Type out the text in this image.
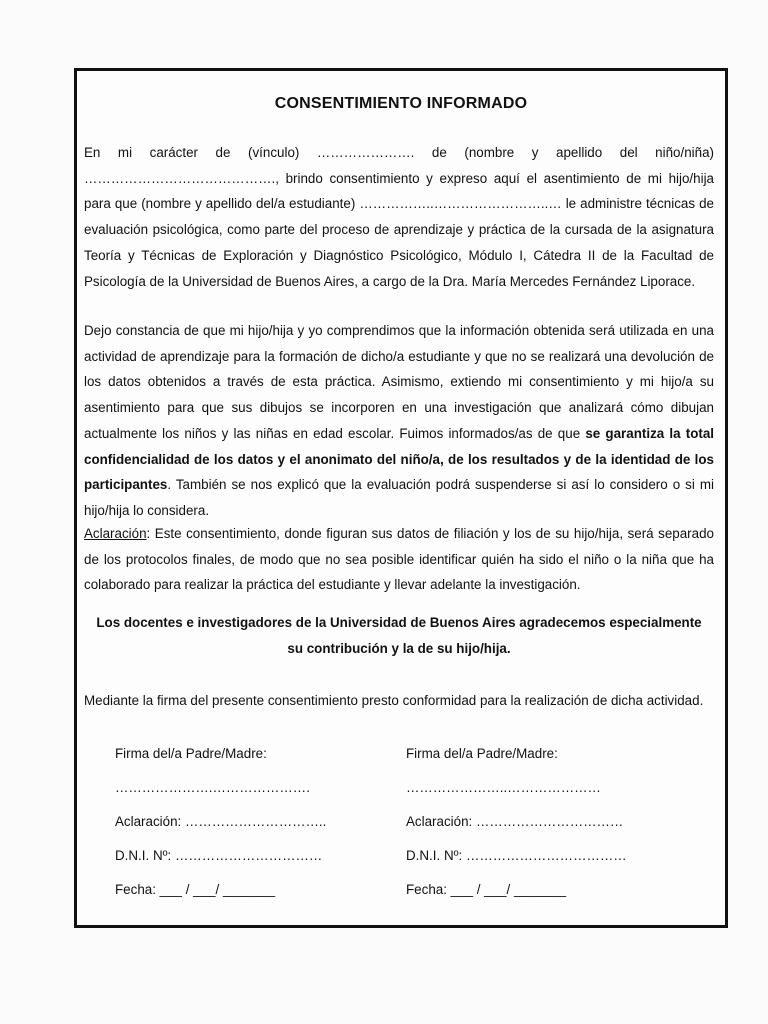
CONSENTIMIENTO INFORMADO
En mi carácter de (vínculo) …………………. de (nombre y apellido del niño/niña) ……………………………………., brindo consentimiento y expreso aquí el asentimiento de mi hijo/hija para que (nombre y apellido del/a estudiante) ……………..……………………..… le administre técnicas de evaluación psicológica, como parte del proceso de aprendizaje y práctica de la cursada de la asignatura Teoría y Técnicas de Exploración y Diagnóstico Psicológico, Módulo I, Cátedra II de la Facultad de Psicología de la Universidad de Buenos Aires, a cargo de la Dra. María Mercedes Fernández Liporace.
Dejo constancia de que mi hijo/hija y yo comprendimos que la información obtenida será utilizada en una actividad de aprendizaje para la formación de dicho/a estudiante y que no se realizará una devolución de los datos obtenidos a través de esta práctica. Asimismo, extiendo mi consentimiento y mi hijo/a su asentimiento para que sus dibujos se incorporen en una investigación que analizará cómo dibujan actualmente los niños y las niñas en edad escolar. Fuimos informados/as de que se garantiza la total confidencialidad de los datos y el anonimato del niño/a, de los resultados y de la identidad de los participantes. También se nos explicó que la evaluación podrá suspenderse si así lo considero o si mi hijo/hija lo considera.
Aclaración: Este consentimiento, donde figuran sus datos de filiación y los de su hijo/hija, será separado de los protocolos finales, de modo que no sea posible identificar quién ha sido el niño o la niña que ha colaborado para realizar la práctica del estudiante y llevar adelante la investigación.
Los docentes e investigadores de la Universidad de Buenos Aires agradecemos especialmente
su contribución y la de su hijo/hija.
Mediante la firma del presente consentimiento presto conformidad para la realización de dicha actividad.
Firma del/a Padre/Madre:
………………….………………….
Aclaración: …………………………..
D.N.I. Nº: ……………………………
Fecha: ___ / ___/ _______
Firma del/a Padre/Madre:
…………………..…………………
Aclaración: ……………………………
D.N.I. Nº: ………………………………
Fecha: ___ / ___/ _______
